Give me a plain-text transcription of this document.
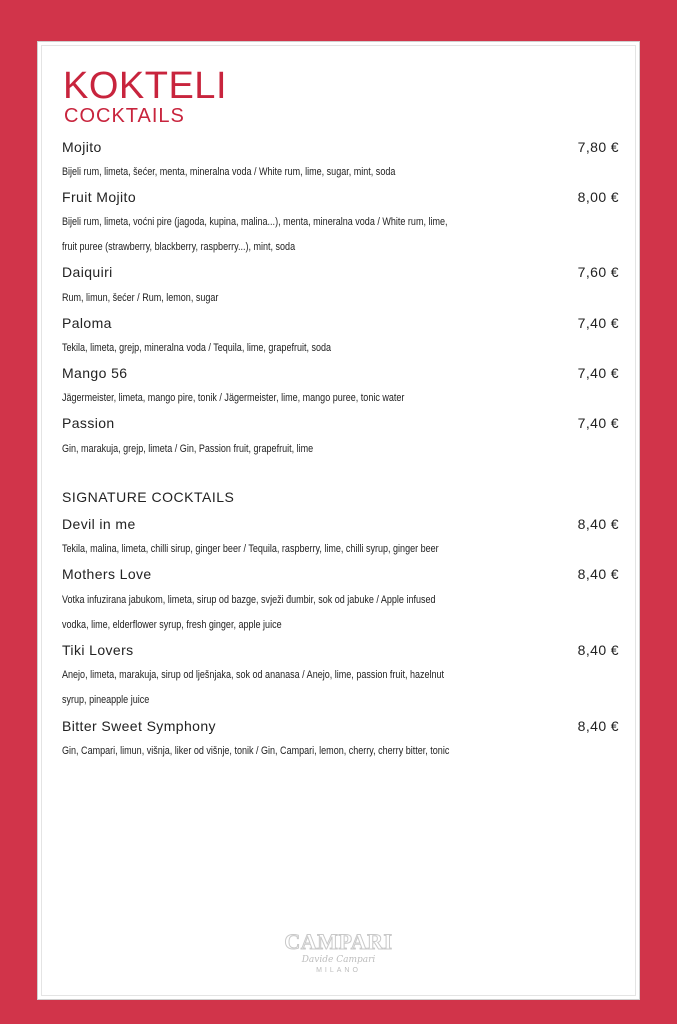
KOKTELI
COCKTAILS
Mojito	7,80 €
Bijeli rum, limeta, šećer, menta, mineralna voda / White rum, lime, sugar, mint, soda
Fruit Mojito	8,00 €
Bijeli rum, limeta, voćni pire (jagoda, kupina, malina...), menta, mineralna voda / White rum, lime,
fruit puree (strawberry, blackberry, raspberry...), mint, soda
Daiquiri	7,60 €
Rum, limun, šećer / Rum, lemon, sugar
Paloma	7,40 €
Tekila, limeta, grejp, mineralna voda / Tequila, lime, grapefruit, soda
Mango 56	7,40 €
Jägermeister, limeta, mango pire, tonik / Jägermeister, lime, mango puree, tonic water
Passion	7,40 €
Gin, marakuja, grejp, limeta / Gin, Passion fruit, grapefruit, lime
SIGNATURE COCKTAILS
Devil in me	8,40 €
Tekila, malina, limeta, chilli sirup, ginger beer / Tequila, raspberry, lime, chilli syrup, ginger beer
Mothers Love	8,40 €
Votka infuzirana jabukom, limeta, sirup od bazge, svježi đumbir, sok od jabuke / Apple infused
vodka, lime, elderflower syrup, fresh ginger, apple juice
Tiki Lovers	8,40 €
Anejo, limeta, marakuja, sirup od lješnjaka, sok od ananasa / Anejo, lime, passion fruit, hazelnut
syrup, pineapple juice
Bitter Sweet Symphony	8,40 €
Gin, Campari, limun, višnja, liker od višnje, tonik / Gin, Campari, lemon, cherry, cherry bitter, tonic
CAMPARI
Davide Campari
MILANO
